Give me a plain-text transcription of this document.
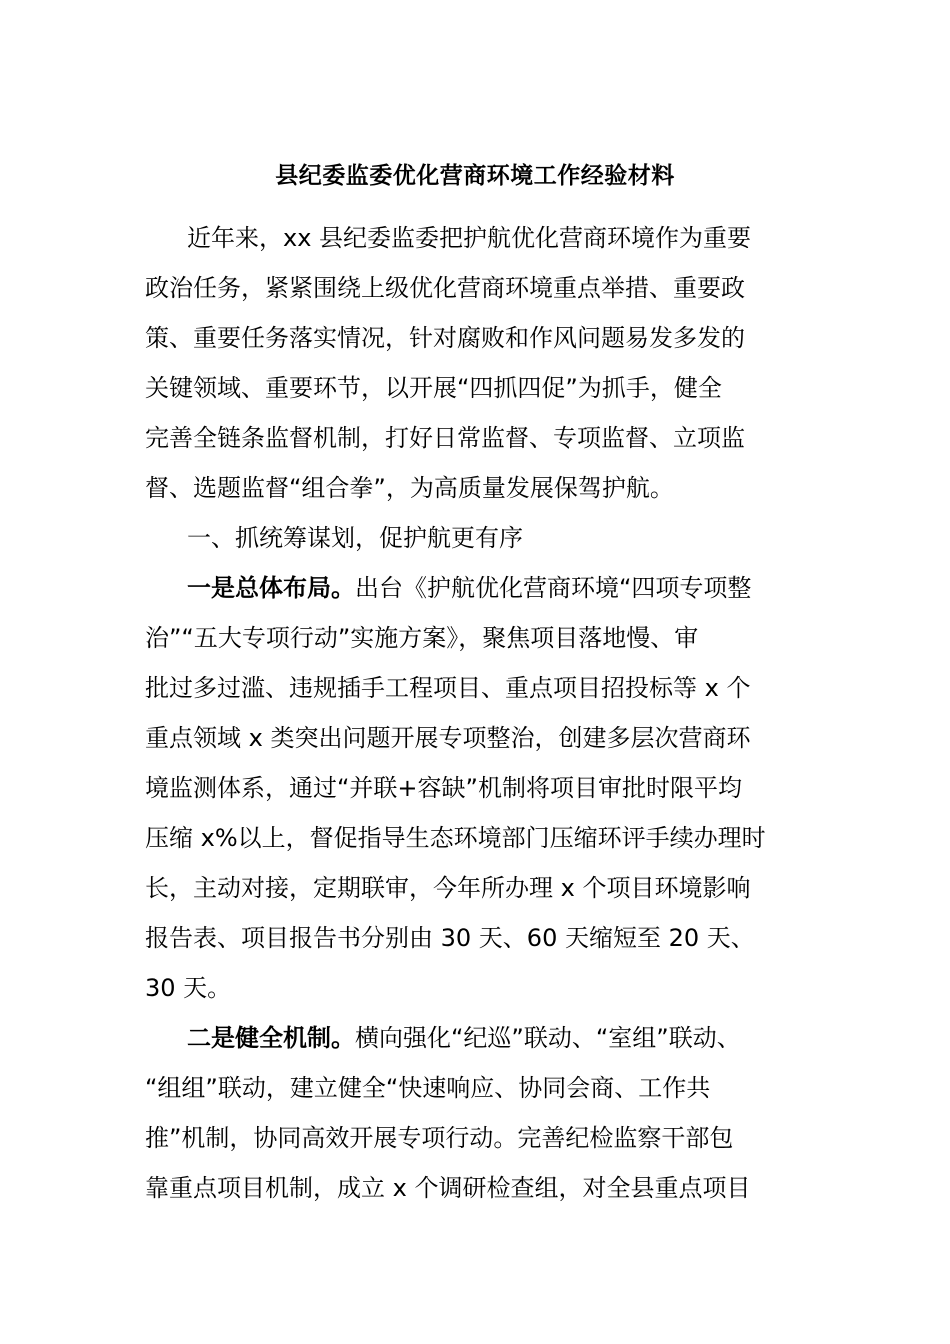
县纪委监委优化营商环境工作经验材料
近年来，xx 县纪委监委把护航优化营商环境作为重要
政治任务，紧紧围绕上级优化营商环境重点举措、重要政
策、重要任务落实情况，针对腐败和作风问题易发多发的
关键领域、重要环节，以开展“四抓四促”为抓手，健全
完善全链条监督机制，打好日常监督、专项监督、立项监
督、选题监督“组合拳”，为高质量发展保驾护航。
一、抓统筹谋划，促护航更有序
一是总体布局。出台《护航优化营商环境“四项专项整
治”“五大专项行动”实施方案》，聚焦项目落地慢、审
批过多过滥、违规插手工程项目、重点项目招投标等 x 个
重点领域 x 类突出问题开展专项整治，创建多层次营商环
境监测体系，通过“并联+容缺”机制将项目审批时限平均
压缩 x%以上，督促指导生态环境部门压缩环评手续办理时
长，主动对接，定期联审，今年所办理 x 个项目环境影响
报告表、项目报告书分别由 30 天、60 天缩短至 20 天、
30 天。
二是健全机制。横向强化“纪巡”联动、“室组”联动、
“组组”联动，建立健全“快速响应、协同会商、工作共
推”机制，协同高效开展专项行动。完善纪检监察干部包
靠重点项目机制，成立 x 个调研检查组，对全县重点项目
